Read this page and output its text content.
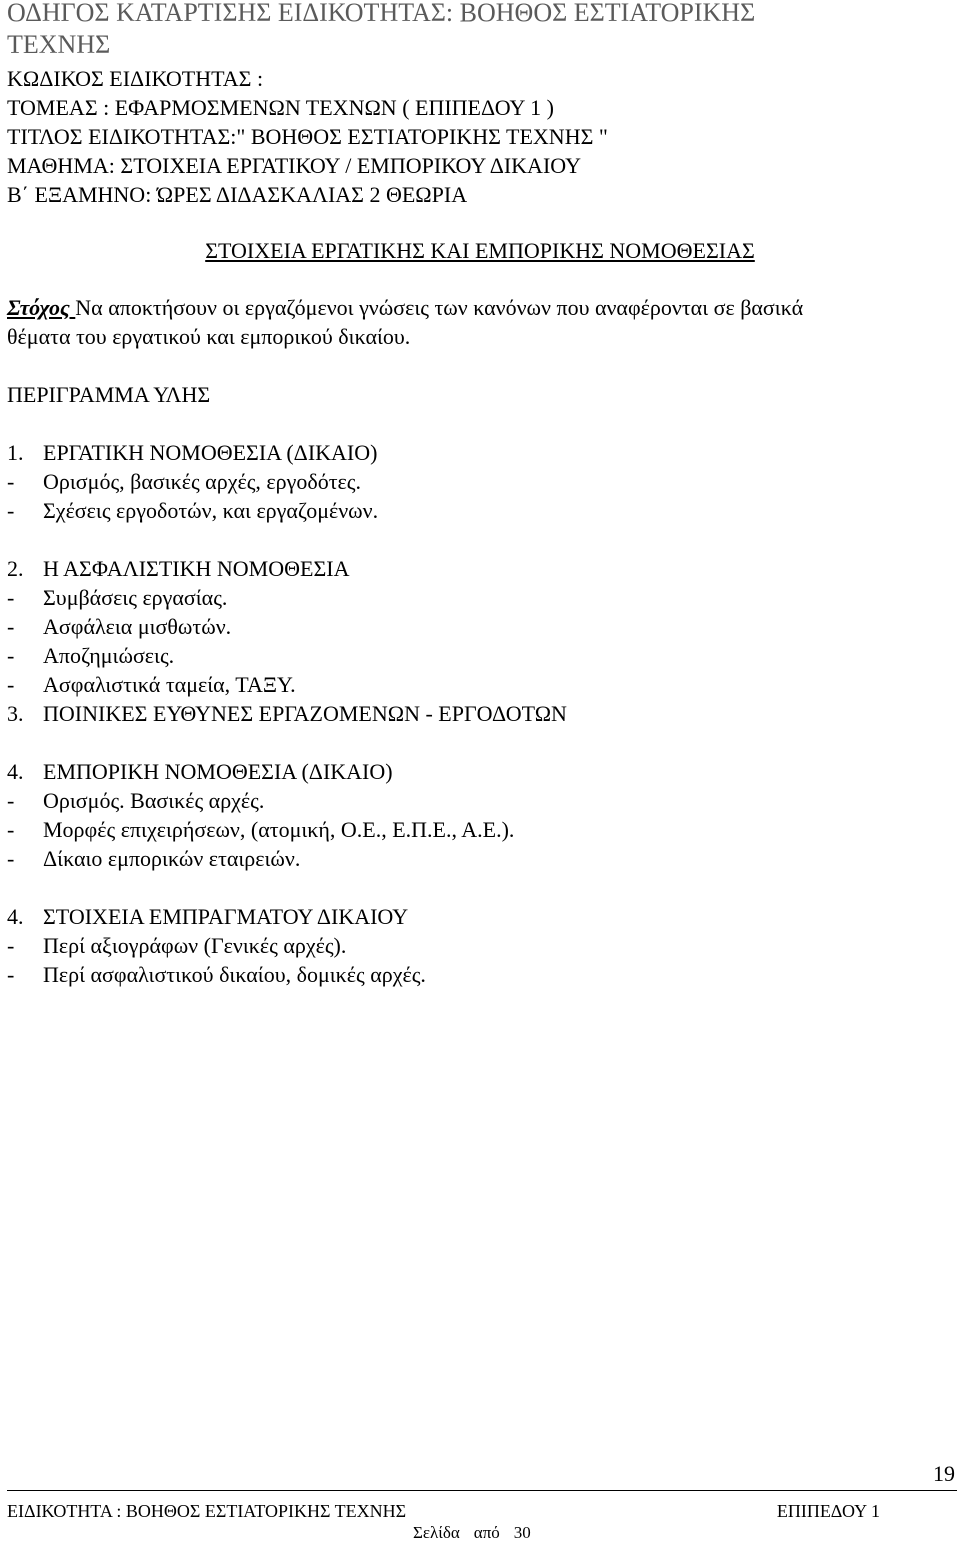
ΟΔΗΓΟΣ ΚΑΤΑΡΤΙΣΗΣ ΕΙΔΙΚΟΤΗΤΑΣ: ΒΟΗΘΟΣ ΕΣΤΙΑΤΟΡΙΚΗΣ
ΤΕΧΝΗΣ
ΚΩΔΙΚΟΣ ΕΙΔΙΚΟΤΗΤΑΣ :
ΤΟΜΕΑΣ : ΕΦΑΡΜΟΣΜΕΝΩΝ ΤΕΧΝΩΝ ( ΕΠΙΠΕΔΟΥ 1 )
ΤΙΤΛΟΣ ΕΙΔΙΚΟΤΗΤΑΣ:" ΒΟΗΘΟΣ ΕΣΤΙΑΤΟΡΙΚΗΣ ΤΕΧΝΗΣ "
ΜΑΘΗΜΑ: ΣΤΟΙΧΕΙΑ ΕΡΓΑΤΙΚΟΥ / ΕΜΠΟΡΙΚΟΥ ΔΙΚΑΙΟΥ
Β΄ ΕΞΑΜΗΝΟ: ΏΡΕΣ ΔΙΔΑΣΚΑΛΙΑΣ 2 ΘΕΩΡΙΑ
ΣΤΟΙΧΕΙΑ ΕΡΓΑΤΙΚΗΣ ΚΑΙ ΕΜΠΟΡΙΚΗΣ ΝΟΜΟΘΕΣΙΑΣ
Στόχος Να αποκτήσουν οι εργαζόμενοι γνώσεις των κανόνων που αναφέρονται σε βασικά
θέματα του εργατικού και εμπορικού δικαίου.
ΠΕΡΙΓΡΑΜΜΑ ΥΛΗΣ
1. ΕΡΓΑΤΙΚΗ ΝΟΜΟΘΕΣΙΑ (ΔΙΚΑΙΟ)
- Ορισμός, βασικές αρχές, εργοδότες.
- Σχέσεις εργοδοτών, και εργαζομένων.
2. Η ΑΣΦΑΛΙΣΤΙΚΗ ΝΟΜΟΘΕΣΙΑ
- Συμβάσεις εργασίας.
- Ασφάλεια μισθωτών.
- Αποζημιώσεις.
- Ασφαλιστικά ταμεία, ΤΑΞΥ.
3. ΠΟΙΝΙΚΕΣ ΕΥΘΥΝΕΣ ΕΡΓΑΖΟΜΕΝΩΝ - ΕΡΓΟΔΟΤΩΝ
4. ΕΜΠΟΡΙΚΗ ΝΟΜΟΘΕΣΙΑ (ΔΙΚΑΙΟ)
- Ορισμός. Βασικές αρχές.
- Μορφές επιχειρήσεων, (ατομική, Ο.Ε., Ε.Π.Ε., Α.Ε.).
- Δίκαιο εμπορικών εταιρειών.
4. ΣΤΟΙΧΕΙΑ ΕΜΠΡΑΓΜΑΤΟΥ ΔΙΚΑΙΟΥ
- Περί αξιογράφων (Γενικές αρχές).
- Περί ασφαλιστικού δικαίου, δομικές αρχές.
19
ΕΙΔΙΚΟΤΗΤΑ : ΒΟΗΘΟΣ ΕΣΤΙΑΤΟΡΙΚΗΣ ΤΕΧΝΗΣ	ΕΠΙΠΕΔΟΥ 1
Σελίδα από 30
